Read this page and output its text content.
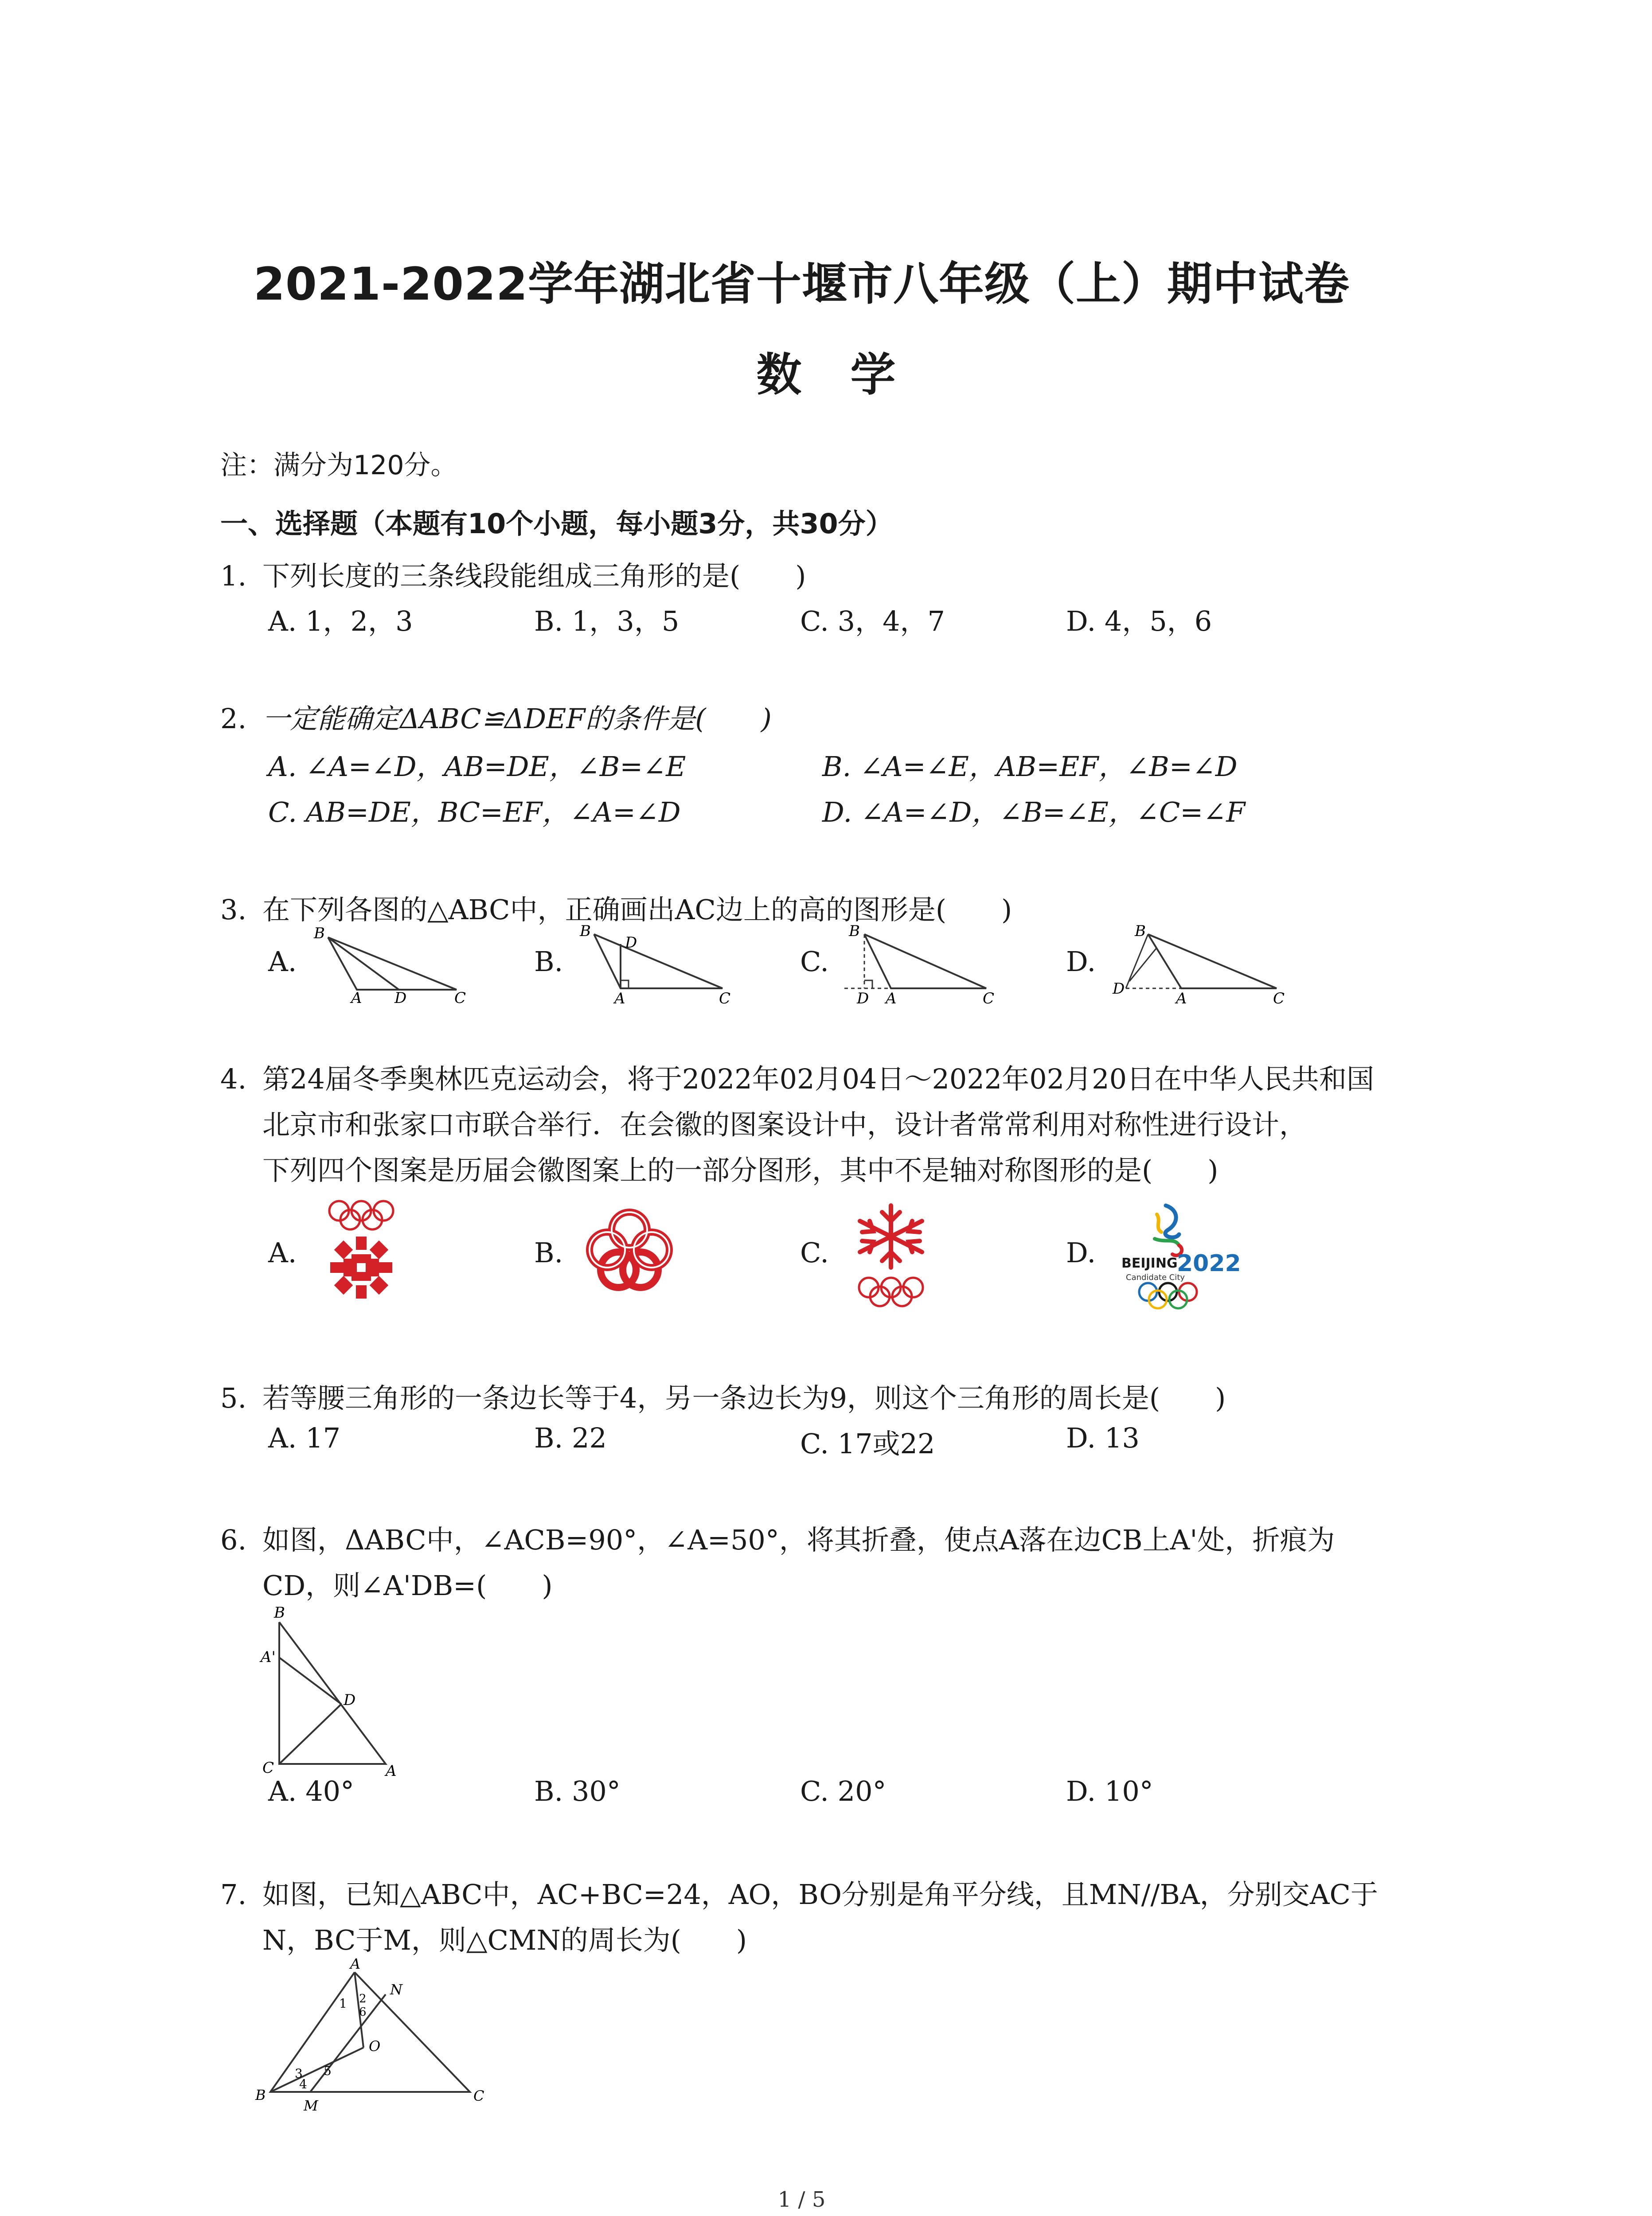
2021-2022学年湖北省十堰市八年级（上）期中试卷
数学
注：满分为120分。
一、选择题（本题有10个小题，每小题3分，共30分）
1. 下列长度的三条线段能组成三角形的是(　　)
A. 1，2，3	B. 1，3，5	C. 3，4，7	D. 4，5，6
2. 一定能确定ΔABC≌ΔDEF的条件是(　　)
A. ∠A=∠D，AB=DE，∠B=∠E	B. ∠A=∠E，AB=EF，∠B=∠D
C. AB=DE，BC=EF，∠A=∠D	D. ∠A=∠D，∠B=∠E，∠C=∠F
3. 在下列各图的△ABC中，正确画出AC边上的高的图形是(　　)
A.	B.	C.	D.
B
A D	C
B
D
A	C
B
D A	C
B
D
A	C
4. 第24届冬季奥林匹克运动会，将于2022年02月04日～2022年02月20日在中华人民共和国
北京市和张家口市联合举行．在会徽的图案设计中，设计者常常利用对称性进行设计，
下列四个图案是历届会徽图案上的一部分图形，其中不是轴对称图形的是(　　)
A.	B.	C.	D. BEIJING
2022
Candidate City
5. 若等腰三角形的一条边长等于4，另一条边长为9，则这个三角形的周长是(　　)
A. 17	B. 22	C. 17或22	D. 13
6. 如图，ΔABC中，∠ACB=90°，∠A=50°，将其折叠，使点A落在边CB上A'处，折痕为
CD，则∠A'DB=(　　)
B
A'
D
C	A
A. 40°	B. 30°	C. 20°	D. 10°
7. 如图，已知△ABC中，AC+BC=24，AO，BO分别是角平分线，且MN//BA，分别交AC于
N，BC于M，则△CMN的周长为(　　)
A
N
1 2
6
O
3 5
4
B
M
C
1 / 5
